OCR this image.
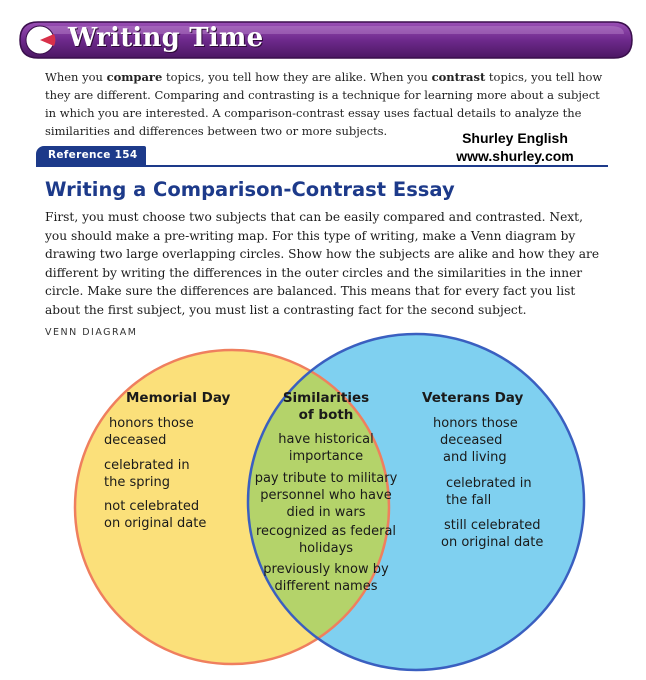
Writing Time
When you compare topics, you tell how they are alike. When you contrast topics, you tell how they are different. Comparing and contrasting is a technique for learning more about a subject in which you are interested. A comparison-contrast essay uses factual details to analyze the similarities and differences between two or more subjects.	Shurley English
www.shurley.com
Reference 154
Writing a Comparison-Contrast Essay
First, you must choose two subjects that can be easily compared and contrasted. Next, you should make a pre-writing map. For this type of writing, make a Venn diagram by drawing two large overlapping circles. Show how the subjects are alike and how they are different by writing the differences in the outer circles and the similarities in the inner circle. Make sure the differences are balanced. This means that for every fact you list about the first subject, you must list a contrasting fact for the second subject.
VENN DIAGRAM
Memorial Day
honors those
deceased
celebrated in
the spring
not celebrated
on original date
Similarities
of both
have historical
importance
pay tribute to military
personnel who have
died in wars
recognized as federal
holidays
previously know by
different names
Veterans Day
honors those
deceased
and living
celebrated in
the fall
still celebrated
on original date
